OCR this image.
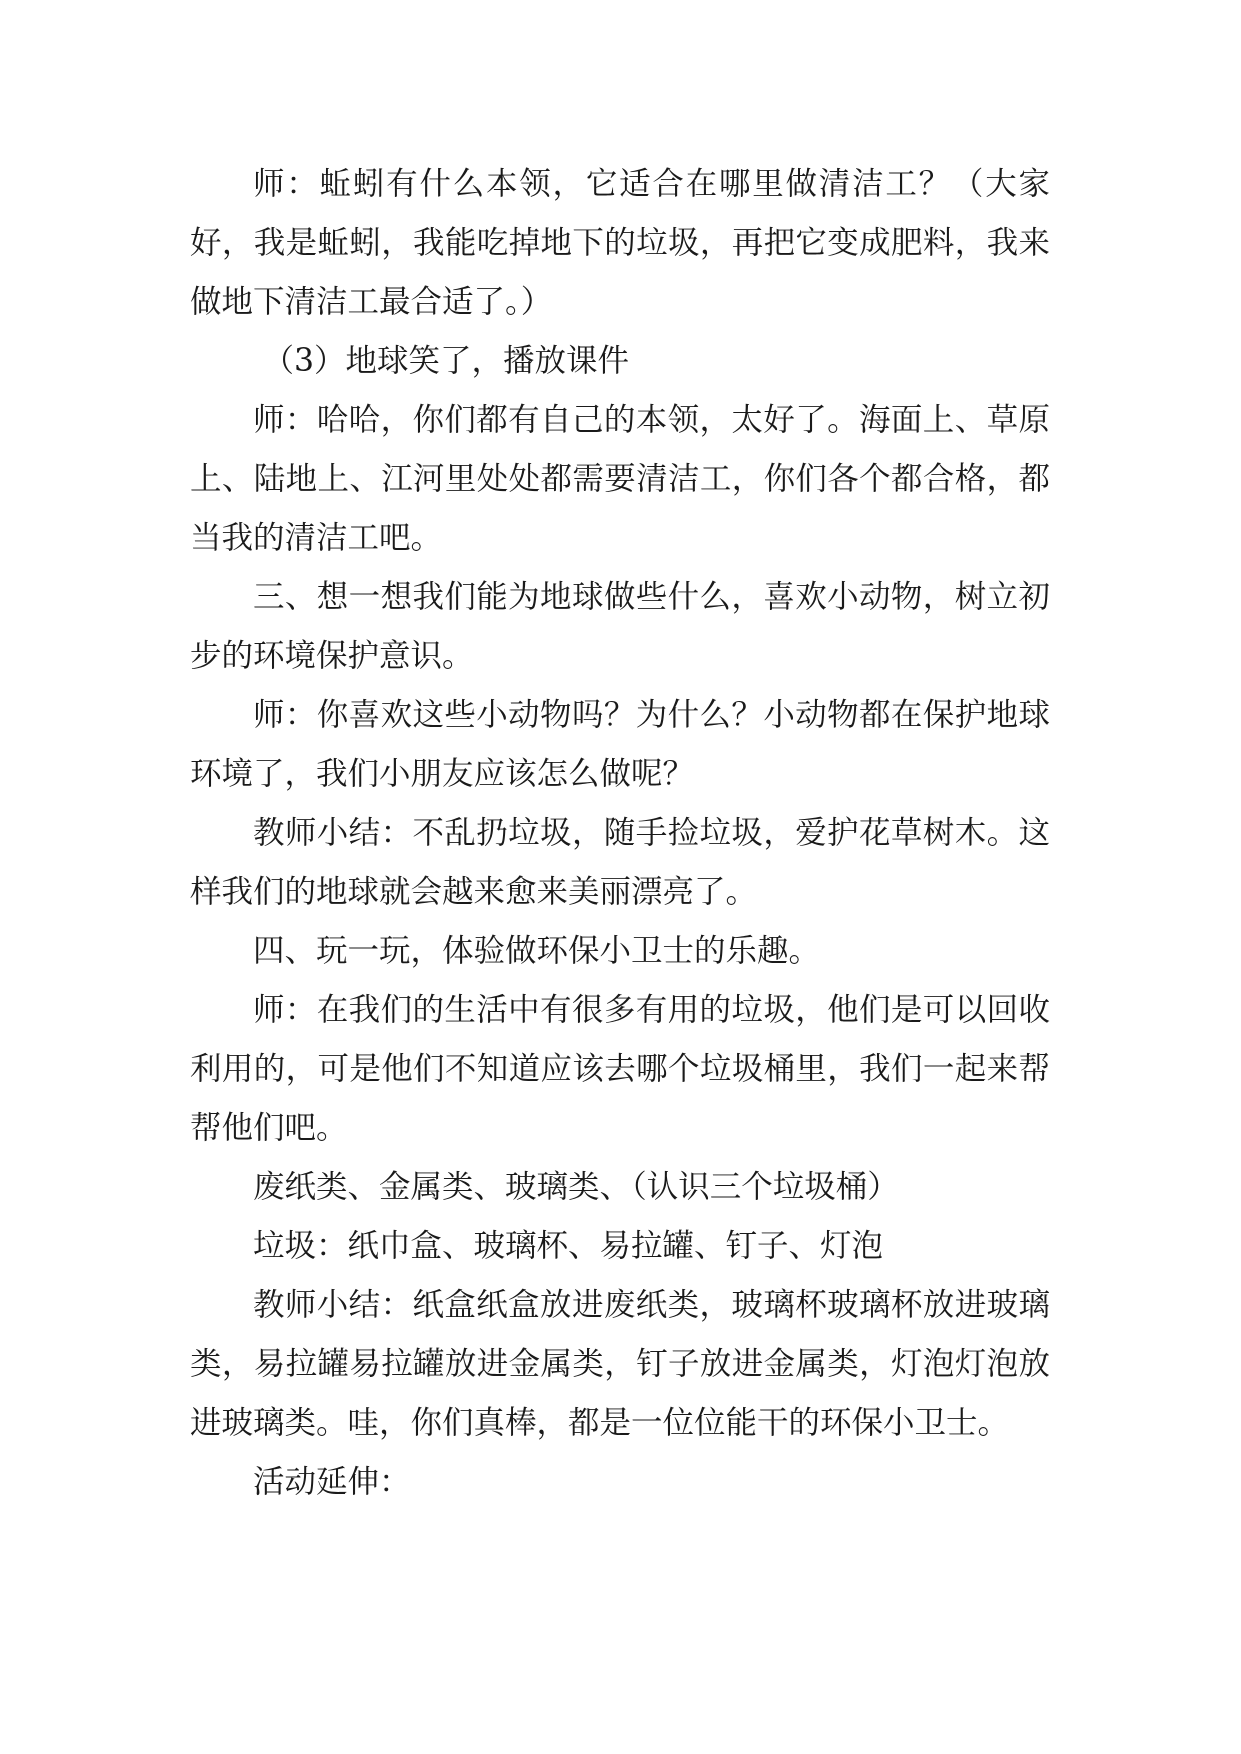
师：蚯蚓有什么本领，它适合在哪里做清洁工？（大家好，我是蚯蚓，我能吃掉地下的垃圾，再把它变成肥料，我来做地下清洁工最合适了。）

（3）地球笑了，播放课件

师：哈哈，你们都有自己的本领，太好了。海面上、草原上、陆地上、江河里处处都需要清洁工，你们各个都合格，都当我的清洁工吧。

三、想一想我们能为地球做些什么，喜欢小动物，树立初步的环境保护意识。

师：你喜欢这些小动物吗？为什么？小动物都在保护地球环境了，我们小朋友应该怎么做呢？

教师小结：不乱扔垃圾，随手捡垃圾，爱护花草树木。这样我们的地球就会越来愈来美丽漂亮了。

四、玩一玩，体验做环保小卫士的乐趣。

师：在我们的生活中有很多有用的垃圾，他们是可以回收利用的，可是他们不知道应该去哪个垃圾桶里，我们一起来帮帮他们吧。

废纸类、金属类、玻璃类、（认识三个垃圾桶）

垃圾：纸巾盒、玻璃杯、易拉罐、钉子、灯泡

教师小结：纸盒纸盒放进废纸类，玻璃杯玻璃杯放进玻璃类，易拉罐易拉罐放进金属类，钉子放进金属类，灯泡灯泡放进玻璃类。哇，你们真棒，都是一位位能干的环保小卫士。

活动延伸：
